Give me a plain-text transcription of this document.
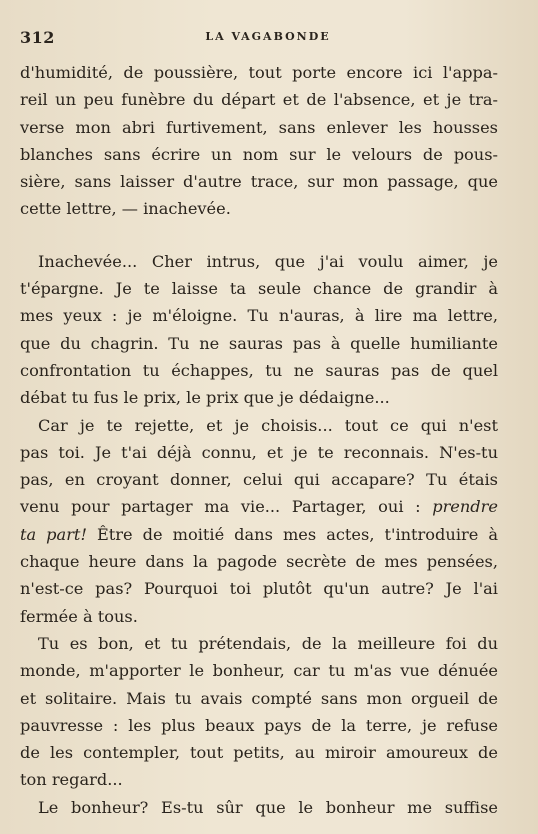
312	LA VAGABONDE
d'humidité, de poussière, tout porte encore ici l'appa-
reil un peu funèbre du départ et de l'absence, et je tra-
verse mon abri furtivement, sans enlever les housses
blanches sans écrire un nom sur le velours de pous-
sière, sans laisser d'autre trace, sur mon passage, que
cette lettre, — inachevée.
Inachevée... Cher intrus, que j'ai voulu aimer, je
t'épargne. Je te laisse ta seule chance de grandir à
mes yeux : je m'éloigne. Tu n'auras, à lire ma lettre,
que du chagrin. Tu ne sauras pas à quelle humiliante
confrontation tu échappes, tu ne sauras pas de quel
débat tu fus le prix, le prix que je dédaigne...
Car je te rejette, et je choisis... tout ce qui n'est
pas toi. Je t'ai déjà connu, et je te reconnais. N'es-tu
pas, en croyant donner, celui qui accapare? Tu étais
venu pour partager ma vie... Partager, oui : prendre
ta part! Être de moitié dans mes actes, t'introduire à
chaque heure dans la pagode secrète de mes pensées,
n'est-ce pas? Pourquoi toi plutôt qu'un autre? Je l'ai
fermée à tous.
Tu es bon, et tu prétendais, de la meilleure foi du
monde, m'apporter le bonheur, car tu m'as vue dénuée
et solitaire. Mais tu avais compté sans mon orgueil de
pauvresse : les plus beaux pays de la terre, je refuse
de les contempler, tout petits, au miroir amoureux de
ton regard...
Le bonheur? Es-tu sûr que le bonheur me suffise
